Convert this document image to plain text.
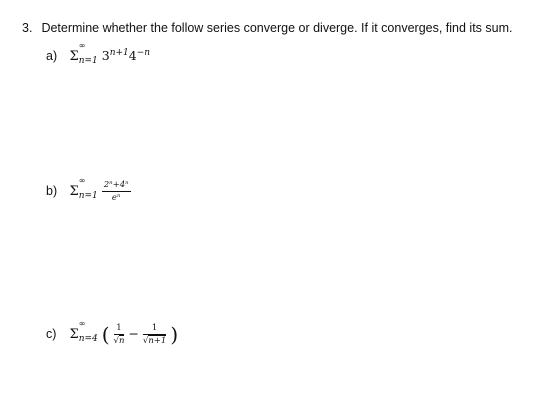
3. Determine whether the follow series converge or diverge. If it converges, find its sum.
a) Σ
∞
n=1 $3^{n+1}4^{-n}$
b) Σ
∞
$n=1 \frac{\text{2ⁿ+4ⁿ}}{\text{eⁿ}}$
c) Σ
∞
n=4 ( $\frac{1}{√n} - \frac{1}{√n+1}$ )
